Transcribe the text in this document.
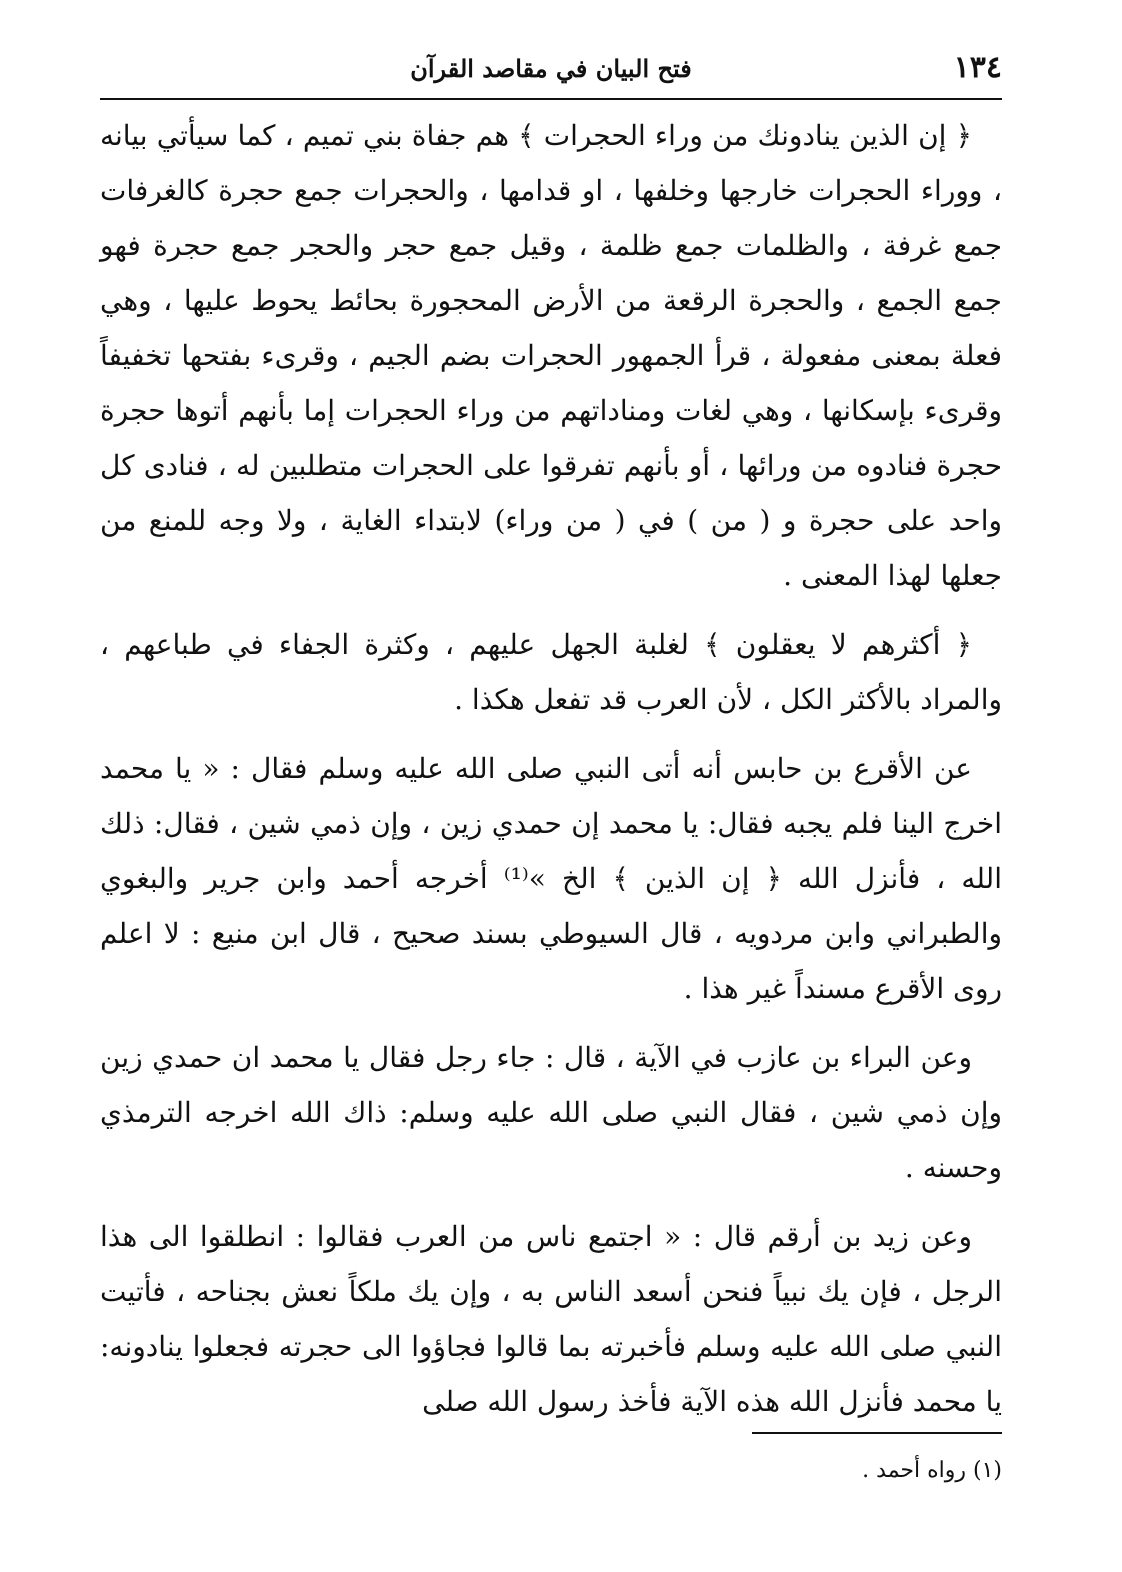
١٣٤
فتح البيان في مقاصد القرآن

﴿ إن الذين ينادونك من وراء الحجرات ﴾ هم جفاة بني تميم ، كما سيأتي بيانه ، ووراء الحجرات خارجها وخلفها ، او قدامها ، والحجرات جمع حجرة كالغرفات جمع غرفة ، والظلمات جمع ظلمة ، وقيل جمع حجر والحجر جمع حجرة فهو جمع الجمع ، والحجرة الرقعة من الأرض المحجورة بحائط يحوط عليها ، وهي فعلة بمعنى مفعولة ، قرأ الجمهور الحجرات بضم الجيم ، وقرىء بفتحها تخفيفاً وقرىء بإسكانها ، وهي لغات ومناداتهم من وراء الحجرات إما بأنهم أتوها حجرة حجرة فنادوه من ورائها ، أو بأنهم تفرقوا على الحجرات متطلبين له ، فنادى كل واحد على حجرة و ( من ) في ( من وراء) لابتداء الغاية ، ولا وجه للمنع من جعلها لهذا المعنى .

﴿ أكثرهم لا يعقلون ﴾ لغلبة الجهل عليهم ، وكثرة الجفاء في طباعهم ، والمراد بالأكثر الكل ، لأن العرب قد تفعل هكذا .

عن الأقرع بن حابس أنه أتى النبي صلى الله عليه وسلم فقال : « يا محمد اخرج الينا فلم يجبه فقال: يا محمد إن حمدي زين ، وإن ذمي شين ، فقال: ذلك الله ، فأنزل الله ﴿ إن الذين ﴾ الخ »⁽¹⁾ أخرجه أحمد وابن جرير والبغوي والطبراني وابن مردويه ، قال السيوطي بسند صحيح ، قال ابن منيع : لا اعلم روى الأقرع مسنداً غير هذا .

وعن البراء بن عازب في الآية ، قال : جاء رجل فقال يا محمد ان حمدي زين وإن ذمي شين ، فقال النبي صلى الله عليه وسلم: ذاك الله اخرجه الترمذي وحسنه .

وعن زيد بن أرقم قال : « اجتمع ناس من العرب فقالوا : انطلقوا الى هذا الرجل ، فإن يك نبياً فنحن أسعد الناس به ، وإن يك ملكاً نعش بجناحه ، فأتيت النبي صلى الله عليه وسلم فأخبرته بما قالوا فجاؤوا الى حجرته فجعلوا ينادونه: يا محمد فأنزل الله هذه الآية فأخذ رسول الله صلى

(١) رواه أحمد .
